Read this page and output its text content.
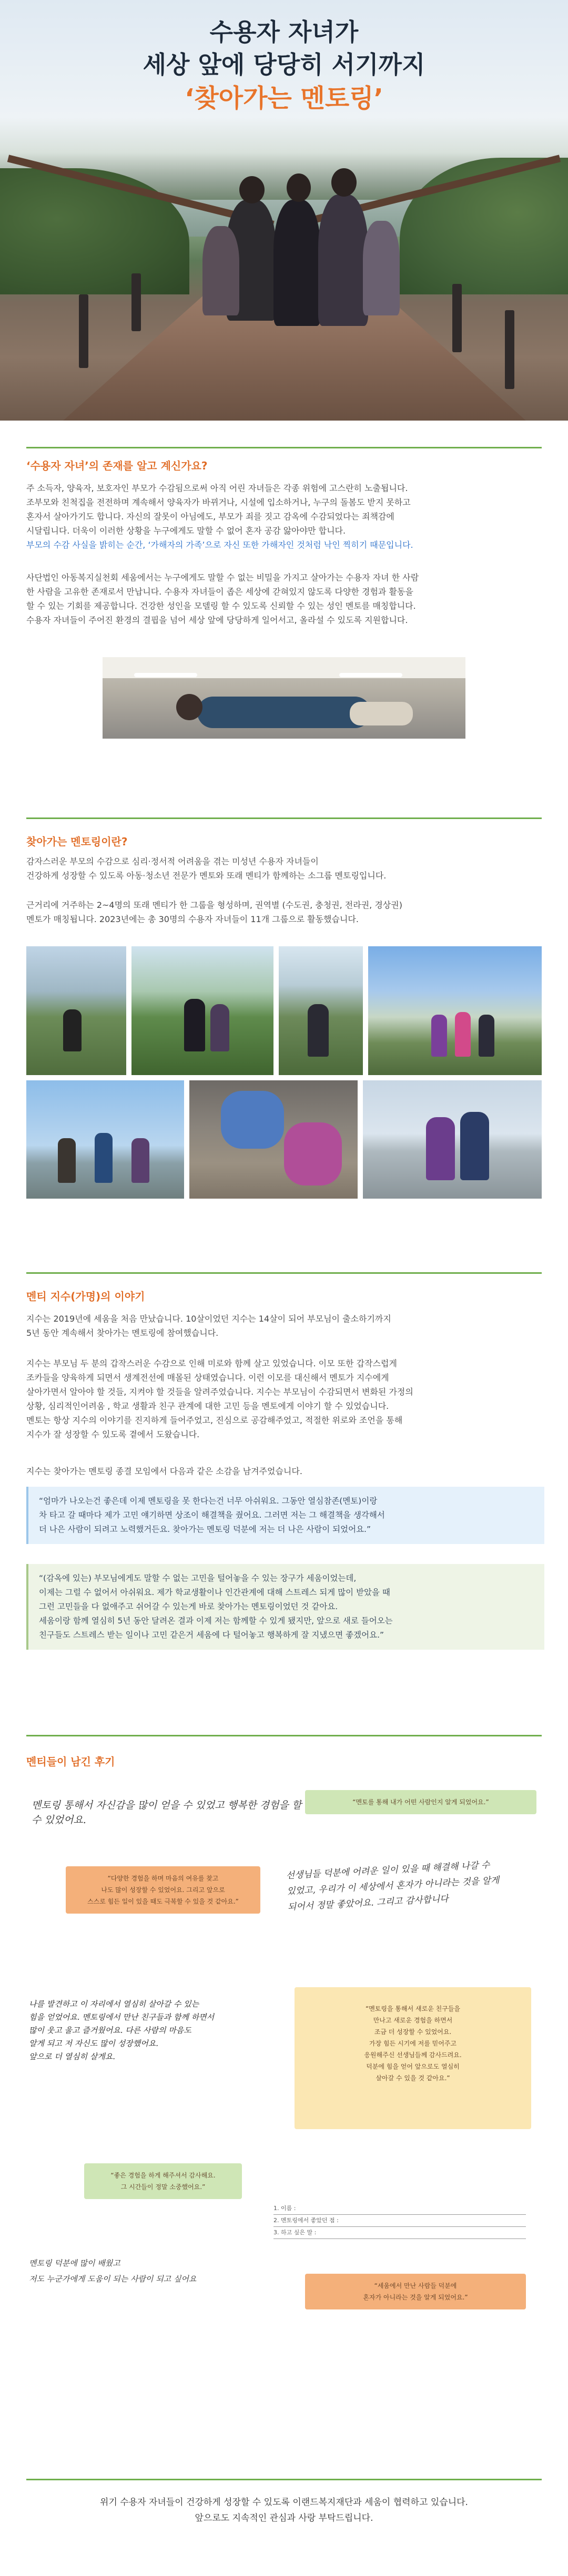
수용자 자녀가
세상 앞에 당당히 서기까지
‘찾아가는 멘토링’
‘수용자 자녀’의 존재를 알고 계신가요?
주 소득자, 양육자, 보호자인 부모가 수감됨으로써 아직 어린 자녀들은 각종 위험에 고스란히 노출됩니다.
조부모와 친척집을 전전하며 계속해서 양육자가 바뀌거나, 시설에 입소하거나, 누구의 돌봄도 받지 못하고
혼자서 살아가기도 합니다. 자신의 잘못이 아님에도, 부모가 죄를 짓고 감옥에 수감되었다는 죄책감에
시달립니다. 더욱이 이러한 상황을 누구에게도 말할 수 없어 혼자 공감 앓아야만 합니다.
부모의 수감 사실을 밝히는 순간, ‘가해자의 가족’으로 자신 또한 가해자인 것처럼 낙인 찍히기 때문입니다.
사단법인 아동복지실천회 세움에서는 누구에게도 말할 수 없는 비밀을 가지고 살아가는 수용자 자녀 한 사람
한 사람을 고유한 존재로서 만납니다. 수용자 자녀들이 좁은 세상에 갇혀있지 않도록 다양한 경험과 활동을
할 수 있는 기회를 제공합니다. 건강한 성인을 모델링 할 수 있도록 신뢰할 수 있는 성인 멘토를 매칭합니다.
수용자 자녀들이 주어진 환경의 결핍을 넘어 세상 앞에 당당하게 일어서고, 올라설 수 있도록 지원합니다.
찾아가는 멘토링이란?
감자스러운 부모의 수감으로 심리·정서적 어려움을 겪는 미성년 수용자 자녀들이
건강하게 성장할 수 있도록 아동·청소년 전문가 멘토와 또래 멘티가 함께하는 소그룹 멘토링입니다.
근거리에 거주하는 2~4명의 또래 멘티가 한 그룹을 형성하며, 권역별 (수도권, 충청권, 전라권, 경상권)
멘토가 매칭됩니다. 2023년에는 총 30명의 수용자 자녀들이 11개 그룹으로 활동했습니다.
멘티 지수(가명)의 이야기
지수는 2019년에 세움을 처음 만났습니다. 10살이었던 지수는 14살이 되어 부모님이 출소하기까지
5년 동안 계속해서 찾아가는 멘토링에 참여했습니다.
지수는 부모님 두 분의 갑작스러운 수감으로 인해 미로와 함께 살고 있었습니다. 이모 또한 갑작스럽게
조카들을 양육하게 되면서 생계전선에 매몰된 상태였습니다. 이런 이모를 대신해서 멘토가 지수에게
살아가면서 알아야 할 것들, 지켜야 할 것들을 알려주었습니다. 지수는 부모님이 수감되면서 변화된 가정의
상황, 심리적인어려움 , 학교 생활과 친구 관계에 대한 고민 등을 멘토에게 이야기 할 수 있었습니다.
멘토는 항상 지수의 이야기를 진지하게 들어주었고, 진심으로 공감해주었고, 적절한 위로와 조언을 통해
지수가 잘 성장할 수 있도록 곁에서 도왔습니다.
지수는 찾아가는 멘토링 종결 모임에서 다음과 같은 소감을 남겨주었습니다.
“엄마가 나오는건 좋은데 이제 멘토링을 못 한다는건 너무 아쉬워요. 그동안 열심참존(멘토)이랑
차 타고 갈 때마다 제가 고민 얘기하면 상조이 해결책을 줬어요. 그러면 저는 그 해결책을 생각해서
더 나은 사람이 되려고 노력했거든요. 찾아가는 멘토링 덕분에 저는 더 나은 사람이 되었어요.”
“(감옥에 있는) 부모님에게도 말할 수 없는 고민을 털어놓을 수 있는 장구가 세움이었는데,
이제는 그럴 수 없어서 아쉬워요. 제가 학교생활이나 인간관계에 대해 스트레스 되게 많이 받았을 때
그런 고민들을 다 없애주고 쉬어갈 수 있는게 바로 찾아가는 멘토링이었던 것 같아요.
세움이랑 함께 열심히 5년 동안 달려온 결과 이제 저는 함께할 수 있게 됐지만, 앞으로 새로 들어오는
친구들도 스트레스 받는 일이나 고민 같은거 세움에 다 털어놓고 행복하게 잘 지냈으면 좋겠어요.”
멘티들이 남긴 후기
멘토링 통해서 자신감을 많이 얻을 수 있었고 행복한 경험을 할 수 있었어요.
“멘토를 통해 내가 어떤 사람인지 알게 되었어요.”
“다양한 경험을 하며 마음의 여유를 찾고
나도 많이 성장할 수 있었어요. 그리고 앞으로
스스로 힘든 일이 있을 때도 극복할 수 있을 것 같아요.”
선생님들 덕분에 어려운 일이 있을 때 해결해 나갈 수
있었고, 우리가 이 세상에서 혼자가 아니라는 것을 알게
되어서 정말 좋았어요. 그리고 감사합니다
나를 발견하고 이 자리에서 열심히 살아갈 수 있는
힘을 얻었어요. 멘토링에서 만난 친구들과 함께 하면서
많이 웃고 울고 즐거웠어요. 다른 사람의 마음도
알게 되고 저 자신도 많이 성장했어요.
앞으로 더 열심히 살게요.
“멘토링을 통해서 새로운 친구들을
만나고 새로운 경험을 하면서
조금 더 성장할 수 있었어요.
가장 힘든 시기에 저를 믿어주고
응원해주신 선생님들께 감사드려요.
덕분에 힘을 얻어 앞으로도 열심히
살아갈 수 있을 것 같아요.”
“좋은 경험을 하게 해주셔서 감사해요.
그 시간들이 정말 소중했어요.”
1. 이름 :
2. 멘토링에서 좋았던 점 :
3. 하고 싶은 말 :
멘토링 덕분에 많이 배웠고
저도 누군가에게 도움이 되는 사람이 되고 싶어요
“세움에서 만난 사람들 덕분에
혼자가 아니라는 것을 알게 되었어요.”
위기 수용자 자녀들이 건강하게 성장할 수 있도록 이랜드복지재단과 세움이 협력하고 있습니다.
앞으로도 지속적인 관심과 사랑 부탁드립니다.
